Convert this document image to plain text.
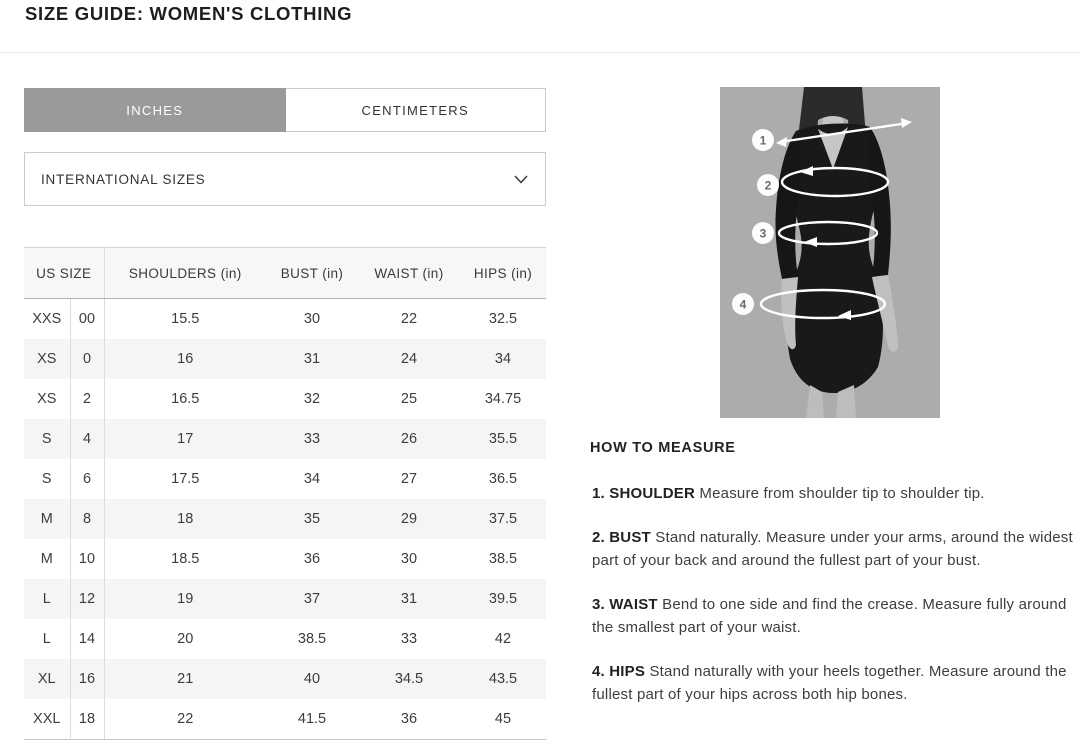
SIZE GUIDE: WOMEN'S CLOTHING
INCHES	CENTIMETERS
INTERNATIONAL SIZES
US SIZE		SHOULDERS (in)	BUST (in)	WAIST (in)	HIPS (in)
XXS	00	15.5	30	22	32.5
XS	0	16	31	24	34
XS	2	16.5	32	25	34.75
S	4	17	33	26	35.5
S	6	17.5	34	27	36.5
M	8	18	35	29	37.5
M	10	18.5	36	30	38.5
L	12	19	37	31	39.5
L	14	20	38.5	33	42
XL	16	21	40	34.5	43.5
XXL	18	22	41.5	36	45
1
2
3
4
HOW TO MEASURE

1. SHOULDER Measure from shoulder tip to shoulder tip.

2. BUST Stand naturally. Measure under your arms, around the widest part of your back and around the fullest part of your bust.

3. WAIST Bend to one side and find the crease. Measure fully around the smallest part of your waist.

4. HIPS Stand naturally with your heels together. Measure around the fullest part of your hips across both hip bones.
